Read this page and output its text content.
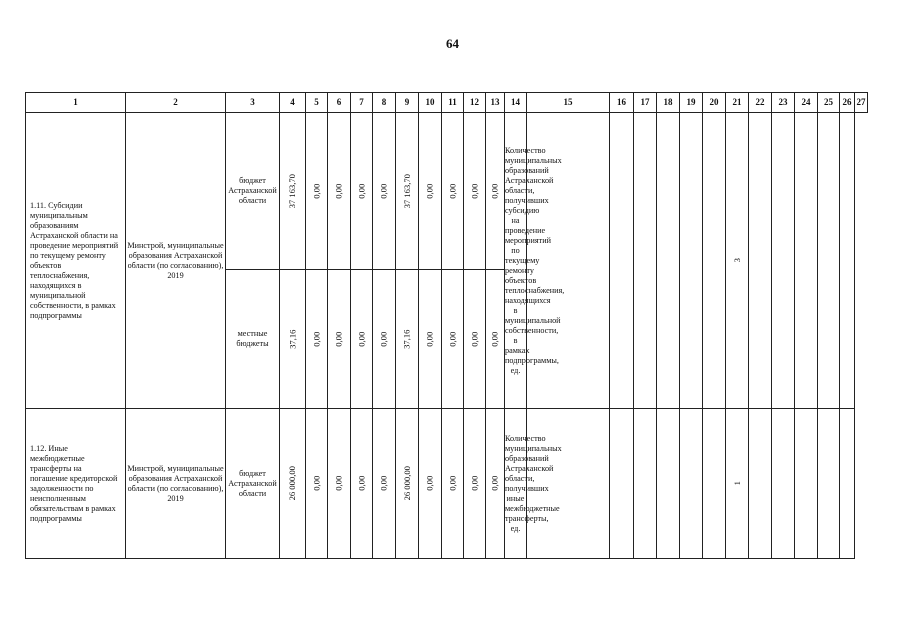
64
1	2	3	4	5	6	7	8	9	10	11	12	13	14	15	16	17	18	19	20	21	22	23	24	25	26	27
1.11. Субсидии муниципальным образованиям Астраханской области на проведение мероприятий по текущему ремонту объектов теплоснабжения, находящихся в муниципальной собственности, в рамках подпрограммы	Минстрой, муниципальные образования Астраханской области (по согласованию), 2019	бюджет Астраханской области	37 163,70	0,00	0,00	0,00	0,00	37 163,70	0,00	0,00	0,00	0,00	Количество муниципальных образований Астраханской области, получивших субсидию на проведение мероприятий по текущему ремонту объектов теплоснабжения, находящихся в муниципальной собственности, в рамках подпрограммы, ед.							3						

		местные бюджеты	37,16	0,00	0,00	0,00	0,00	37,16	0,00	0,00	0,00	0,00														

1.12. Иные межбюджетные трансферты на погашение кредиторской задолженности по неисполненным обязательствам в рамках подпрограммы	Минстрой, муниципальные образования Астраханской области (по согласованию), 2019	бюджет Астраханской области	26 000,00	0,00	0,00	0,00	0,00	26 000,00	0,00	0,00	0,00	0,00	Количество муниципальных образований Астраханской области, получивших иные межбюджетные трансферты, ед.							1						
